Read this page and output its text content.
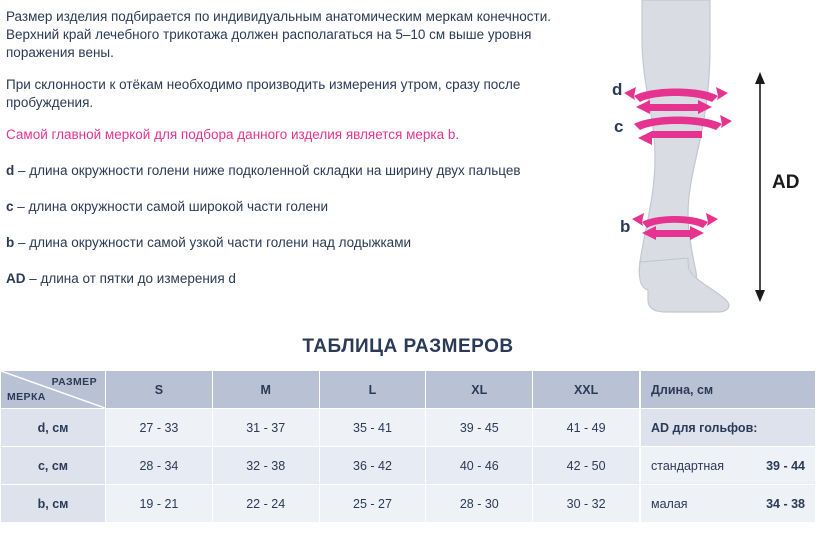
Размер изделия подбирается по индивидуальным анатомическим меркам конечности. Верхний край лечебного трикотажа должен располагаться на 5–10 см выше уровня поражения вены.

При склонности к отёкам необходимо производить измерения утром, сразу после пробуждения.

Самой главной меркой для подбора данного изделия является мерка b.

d – длина окружности голени ниже подколенной складки на ширину двух пальцев

c – длина окружности самой широкой части голени

b – длина окружности самой узкой части голени над лодыжками

AD – длина от пятки до измерения d

d
c
b
AD
ТАБЛИЦА РАЗМЕРОВ
РАЗМЕР
МЕРКА	S	M	L	XL	XXL
d, см	27 - 33	31 - 37	35 - 41	39 - 45	41 - 49
c, см	28 - 34	32 - 38	36 - 42	40 - 46	42 - 50
b, см	19 - 21	22 - 24	25 - 27	28 - 30	30 - 32
Длина, см
AD для гольфов:
стандартная	39 - 44

малая	34 - 38
